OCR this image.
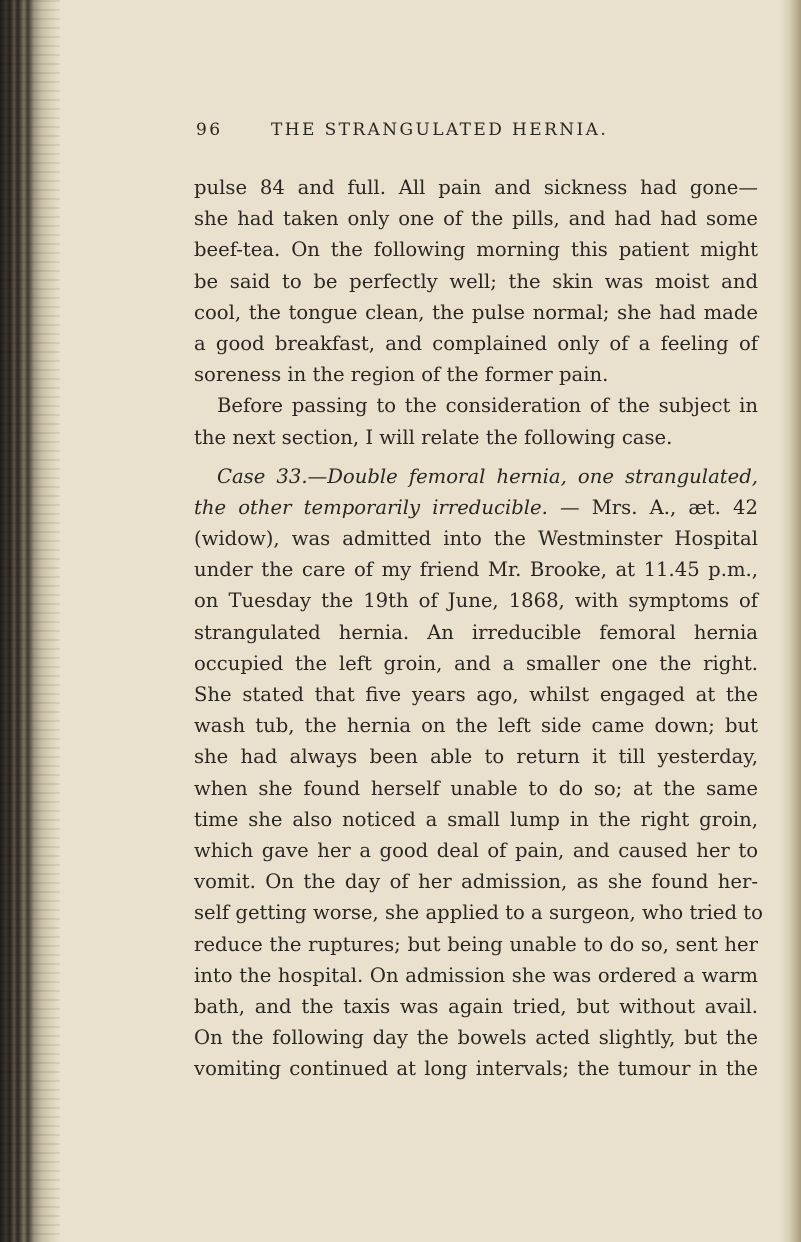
96	THE STRANGULATED HERNIA.
pulse 84 and full. All pain and sickness had gone—
she had taken only one of the pills, and had had some
beef-tea. On the following morning this patient might
be said to be perfectly well; the skin was moist and
cool, the tongue clean, the pulse normal; she had made
a good breakfast, and complained only of a feeling of
soreness in the region of the former pain.
Before passing to the consideration of the subject in
the next section, I will relate the following case.
Case 33.—Double femoral hernia, one strangulated,
the other temporarily irreducible. — Mrs. A., æt. 42
(widow), was admitted into the Westminster Hospital
under the care of my friend Mr. Brooke, at 11.45 p.m.,
on Tuesday the 19th of June, 1868, with symptoms of
strangulated hernia. An irreducible femoral hernia
occupied the left groin, and a smaller one the right.
She stated that five years ago, whilst engaged at the
wash tub, the hernia on the left side came down; but
she had always been able to return it till yesterday,
when she found herself unable to do so; at the same
time she also noticed a small lump in the right groin,
which gave her a good deal of pain, and caused her to
vomit. On the day of her admission, as she found her-
self getting worse, she applied to a surgeon, who tried to
reduce the ruptures; but being unable to do so, sent her
into the hospital. On admission she was ordered a warm
bath, and the taxis was again tried, but without avail.
On the following day the bowels acted slightly, but the
vomiting continued at long intervals; the tumour in the
